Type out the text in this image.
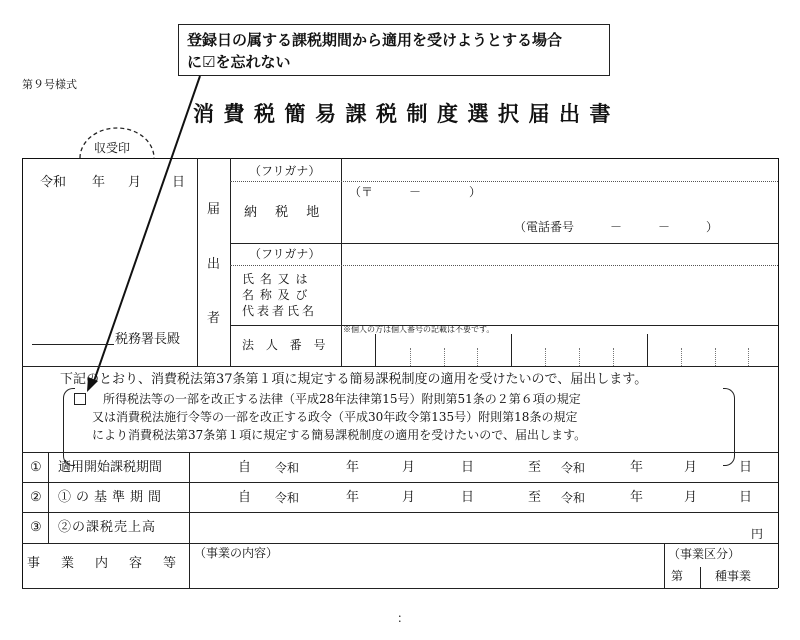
登録日の属する課税期間から適用を受けようとする場合
に☑を忘れない
第９号様式
消費税簡易課税制度選択届出書
収受印
令和 年 月 日
税務署長殿
届
出
者
（フリガナ）
納 税 地
（〒　　　－　　　　）
（電話番号　　　－　　　－　　　）
（フリガナ）
氏 名 又 は
名 称 及 び
代表者氏名
法 人 番 号
※個人の方は個人番号の記載は不要です。
下記のとおり、消費税法第37条第１項に規定する簡易課税制度の適用を受けたいので、届出します。
所得税法等の一部を改正する法律（平成28年法律第15号）附則第51条の２第６項の規定
又は消費税法施行令等の一部を改正する政令（平成30年政令第135号）附則第18条の規定
により消費税法第37条第１項に規定する簡易課税制度の適用を受けたいので、届出します。
① 適用開始課税期間	自 令和	年	月	日	至 令和	年	月	日
② ①の基準期間	自 令和	年	月	日	至 令和	年	月	日
③ ②の課税売上高	円
事業内容等
（事業の内容）	（事業区分）
第	種事業
：
